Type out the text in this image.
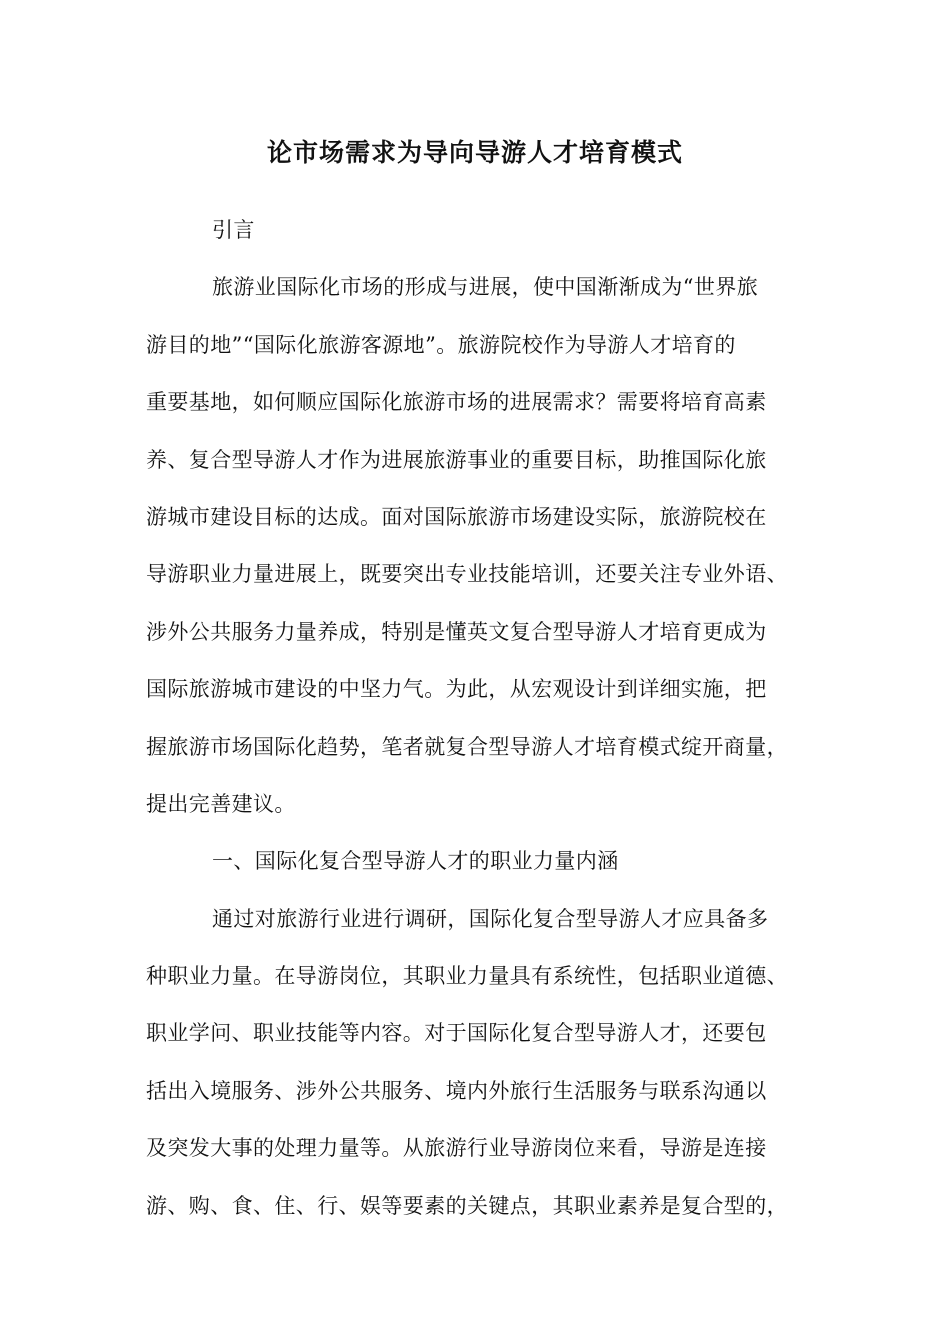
论市场需求为导向导游人才培育模式
引言
旅游业国际化市场的形成与进展，使中国渐渐成为“世界旅
游目的地”“国际化旅游客源地”。旅游院校作为导游人才培育的
重要基地，如何顺应国际化旅游市场的进展需求？需要将培育高素
养、复合型导游人才作为进展旅游事业的重要目标，助推国际化旅
游城市建设目标的达成。面对国际旅游市场建设实际，旅游院校在
导游职业力量进展上，既要突出专业技能培训，还要关注专业外语、
涉外公共服务力量养成，特别是懂英文复合型导游人才培育更成为
国际旅游城市建设的中坚力气。为此，从宏观设计到详细实施，把
握旅游市场国际化趋势，笔者就复合型导游人才培育模式绽开商量，
提出完善建议。
一、国际化复合型导游人才的职业力量内涵
通过对旅游行业进行调研，国际化复合型导游人才应具备多
种职业力量。在导游岗位，其职业力量具有系统性，包括职业道德、
职业学问、职业技能等内容。对于国际化复合型导游人才，还要包
括出入境服务、涉外公共服务、境内外旅行生活服务与联系沟通以
及突发大事的处理力量等。从旅游行业导游岗位来看，导游是连接
游、购、食、住、行、娱等要素的关键点，其职业素养是复合型的，
